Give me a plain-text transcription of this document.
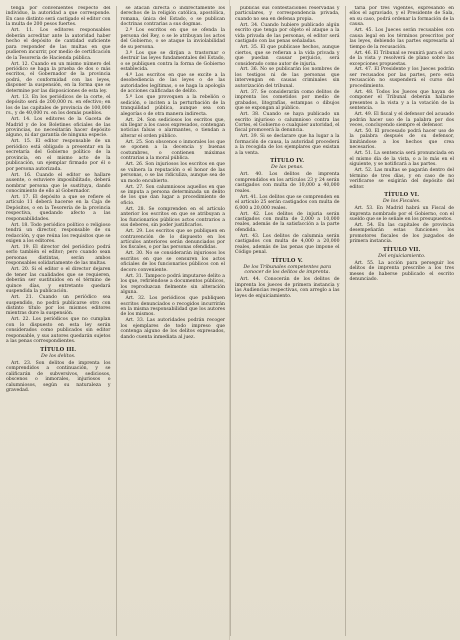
tenga por convenientes respecto del individuo, la autoridad a que corresponde. En caso distinto será castigado el editor con la multa de 200 pesos fuertes.

Art. 11. Los editores responsables deberán acreditar ante la autoridad haber hecho el depósito de cantidad suficiente para responder de las multas en que pudieren incurrir, por medio de certificación de la Tesorería de Hacienda pública.

Art. 12. Cuando en un mismo número del periódico se haga la prueba de dos o más escritos, el Gobernador de la provincia podrá, de conformidad con las leyes, disponer la suspensión, en la forma que se determine por las disposiciones de esta ley.

Art. 13. En los periódicos de la corte, el depósito será de 200,000 rs. en efectivo; en los de las capitales de provincia de 100,000 rs., y de 40,000 rs. en los demás pueblos.

Art. 14. Los editores de la Gaceta de Madrid y de los Boletines oficiales de las provincias, no necesitarán hacer depósito alguno, ni dar garantía de ninguna especie.

Art. 15. El editor responsable de un periódico está obligado a presentar en la secretaría del Gobierno político de la provincia, en el mismo acto de la publicación, un ejemplar firmado por él o por persona autorizada.

Art. 16. Cuando el editor se hallare ausente, o estuviere imposibilitado, deberá nombrar persona que le sustituya, dando conocimiento de ello al Gobernador.

Art. 17. El depósito a que se refiere el artículo 11 deberá hacerse en la Caja de Depósitos, o en la Tesorería de la provincia respectiva, quedando afecto a las responsabilidades.

Art. 18. Todo periódico político o religioso tendrá un director, responsable de su redacción, y que reúna los requisitos que se exigen a los editores.

Art. 19. El director del periódico podrá serlo también el editor; pero cuando sean personas distintas, serán ambos responsables solidariamente de las multas.

Art. 20. Si el editor o el director dejaren de tener las cualidades que se requieren, deberán ser sustituidos en el término de quince días, y entretanto quedará suspendida la publicación.

Art. 21. Cuando un periódico sea suspendido, no podrá publicarse otro con distinto título por los mismos editores mientras dure la suspensión.

Art. 22. Los periódicos que no cumplan con lo dispuesto en esta ley serán considerados como publicados sin editor responsable, y sus autores quedarán sujetos a las penas correspondientes.

TÍTULO III.
De los delitos.

Art. 23. Son delitos de imprenta los comprendidos a continuación, y se calificarán de subversivos, sediciosos, obscenos o inmorales, injuriosos o calumniosos, según su naturaleza y gravedad.

se atacan directa o indirectamente los derechos de la religión católica, apostólica, romana, única del Estado, o se publican doctrinas contrarias a sus dogmas.

2.º Los escritos en que se ofenda la persona del Rey, o se le atribuyan los actos del Gobierno, o se ataque la inviolabilidad de su persona.

3.º Los que se dirijan a trastornar o destruir las leyes fundamentales del Estado, o se publiquen contra la forma de Gobierno establecida.

4.º Los escritos en que se excite a la desobediencia de las leyes o de las autoridades legítimas, o se haga la apología de acciones calificadas de delito.

5.º Los que provoquen a la rebelión o sedición, o inciten a la perturbación de la tranquilidad pública, aunque sea con alegorías o de otra manera indirecta.

Art. 24. Son sediciosos los escritos que, sin llegar a los casos expresados, contengan noticias falsas o alarmantes, o tiendan a alterar el orden público.

Art. 25. Son obscenos o inmorales los que se oponen a la decencia y buenas costumbres, o contienen máximas contrarias a la moral pública.

Art. 26. Son injuriosos los escritos en que se vulnera la reputación o el honor de las personas, o se las ridiculiza, aunque sea de un modo encubierto.

Art. 27. Son calumniosos aquellos en que se imputa a persona determinada un delito de los que dan lugar a procedimiento de oficio.

Art. 28. Se comprenden en el artículo anterior los escritos en que se atribuyan a los funcionarios públicos actos contrarios a sus deberes, sin poder justificarlos.

Art. 29. Los escritos que se publiquen en contravención de lo dispuesto en los artículos anteriores serán denunciados por los fiscales, o por las personas ofendidas.

Art. 30. No se considerarán injuriosos los escritos en que se censuren los actos oficiales de los funcionarios públicos con el decoro conveniente.

Art. 31. Tampoco podrá imputarse delito a los que, refiriéndose a documentos públicos, los reproduzcan fielmente sin alteración alguna.

Art. 32. Los periódicos que publiquen escritos denunciados o recogidos incurrirán en la misma responsabilidad que los autores de los mismos.

Art. 33. Las autoridades podrán recoger los ejemplares de todo impreso que contenga alguno de los delitos expresados, dando cuenta inmediata al juez.

públicas sus contestaciones reservadas y particulares, y correspondencia privada, cuando no sea en defensa propia.

Art. 34. Cuando hubiere publicado algún escrito que tenga por objeto el ataque a la vida privada de las personas, el editor será castigado con las penas señaladas.

Art. 35. El que publicase hechos, aunque ciertos, que se refieran a la vida privada y que puedan causar perjuicio, será considerado como autor de injuria.

Art. 36. No se publicarán los nombres de los testigos ni de las personas que intervengan en causas criminales sin autorización del tribunal.

Art. 37. Se considerarán como delitos de imprenta los cometidos por medio de grabados, litografías, estampas o dibujos que se expongan al público.

Art. 38. Cuando se haya publicado un escrito injurioso o calumnioso contra las Cortes, el Gobierno o cualquier autoridad, el fiscal promoverá la denuncia.

Art. 39. Si se declarare que ha lugar a la formación de causa, la autoridad procederá a la recogida de los ejemplares que existan a la venta.

TÍTULO IV.
De las penas.

Art. 40. Los delitos de imprenta comprendidos en los artículos 23 y 24 serán castigados con multa de 10,000 a 40,000 reales.

Art. 41. Los delitos que se comprenden en el artículo 25 serán castigados con multa de 6,000 a 20,000 reales.

Art. 42. Los delitos de injuria serán castigados con multa de 2,000 a 10,000 reales, además de la satisfacción a la parte ofendida.

Art. 43. Los delitos de calumnia serán castigados con multa de 4,000 a 20,000 reales, además de las penas que impone el Código penal.

TÍTULO V.
De los Tribunales competentes para conocer de los delitos de imprenta.

Art. 44. Conocerán de los delitos de imprenta los jueces de primera instancia y las Audiencias respectivas, con arreglo a las leyes de enjuiciamiento.

taria por tres vigentes, expresando en ellos el agraviado, y el Presidente de Sala, en su caso, podrá ordenar la formación de la causa.

Art. 45. Los Jueces serán recusables con causa legal en los términos prescritos por las leyes, debiendo las partes expresarla al tiempo de la recusación.

Art. 46. El Tribunal se reunirá para el acto de la vista y resolverá de plano sobre las excepciones propuestas.

Art. 47. El Presidente y los Jueces podrán ser recusados por las partes, pero esta recusación no suspenderá el curso del procedimiento.

Art. 48. Todos los Jueces que hayan de componer el Tribunal deberán hallarse presentes a la vista y a la votación de la sentencia.

Art. 49. El fiscal y el defensor del acusado podrán hacer uso de la palabra por dos veces, concluyendo siempre el defensor.

Art. 50. El procesado podrá hacer uso de la palabra después de su defensor, limitándose a los hechos que crea necesarios.

Art. 51. La sentencia será pronunciada en el mismo día de la vista, o a lo más en el siguiente, y se notificará a las partes.

Art. 52. Las multas se pagarán dentro del término de tres días, y en caso de no verificarse se exigirán del depósito del editor.

TÍTULO VI.
De los Fiscales.

Art. 53. En Madrid habrá un Fiscal de imprenta nombrado por el Gobierno, con el sueldo que se le señale en los presupuestos.

Art. 54. En las capitales de provincia desempeñarán estas funciones los promotores fiscales de los juzgados de primera instancia.

TÍTULO VII.
Del enjuiciamiento.

Art. 55. La acción para perseguir los delitos de imprenta prescribe a los tres meses de haberse publicado el escrito denunciado.
